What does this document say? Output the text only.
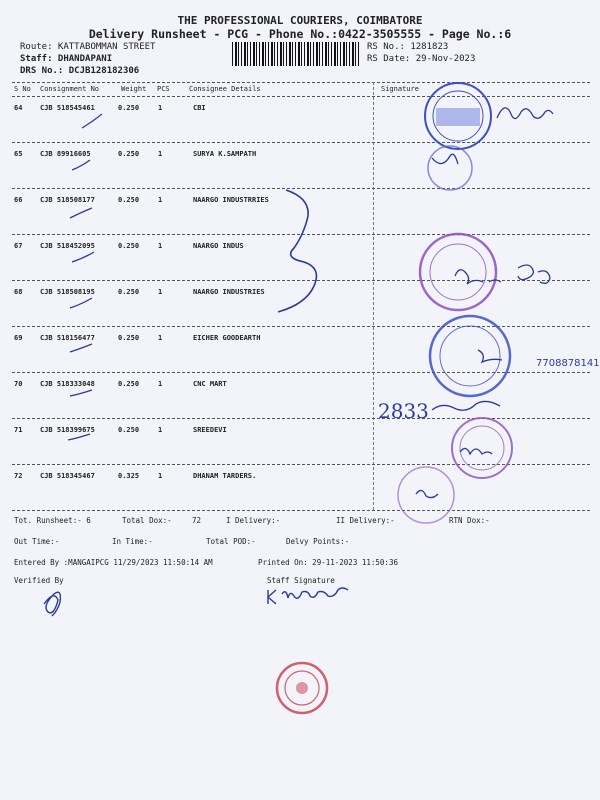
THE PROFESSIONAL COURIERS, COIMBATORE
Delivery Runsheet - PCG - Phone No.:0422-3505555 - Page No.:6
Route: KATTABOMMAN STREET
Staff: DHANDAPANI
DRS No.: DCJB128182306
RS No.: 1281823
RS Date: 29-Nov-2023
S No Consignment No	Weight PCS	Consignee Details	Signature
64	CJB 518545461	0.250	1	CBI
65	CJB 89916605	0.250	1	SURYA K.SAMPATH
66	CJB 518508177	0.250	1	NAARGO INDUSTRRIES
67	CJB 518452095	0.250	1	NAARGO INDUS
68	CJB 518508195	0.250	1	NAARGO INDUSTRIES
69	CJB 518156477	0.250	1	EICHER GOODEARTH
70	CJB 518333048	0.250	1	CNC MART
71	CJB 518399675	0.250	1	SREEDEVI
72	CJB 518345467	0.325	1	DHANAM TARDERS.
Tot. Runsheet:- 6	Total Dox:-	72	I Delivery:-	II Delivery:-	RTN Dox:-
Out Time:-	In Time:-	Total POD:-	Delvy Points:-
Entered By :MANGAIPCG 11/29/2023 11:50:14 AM	Printed On: 29-11-2023 11:50:36
Verified By	Staff Signature
7708878141
2833
